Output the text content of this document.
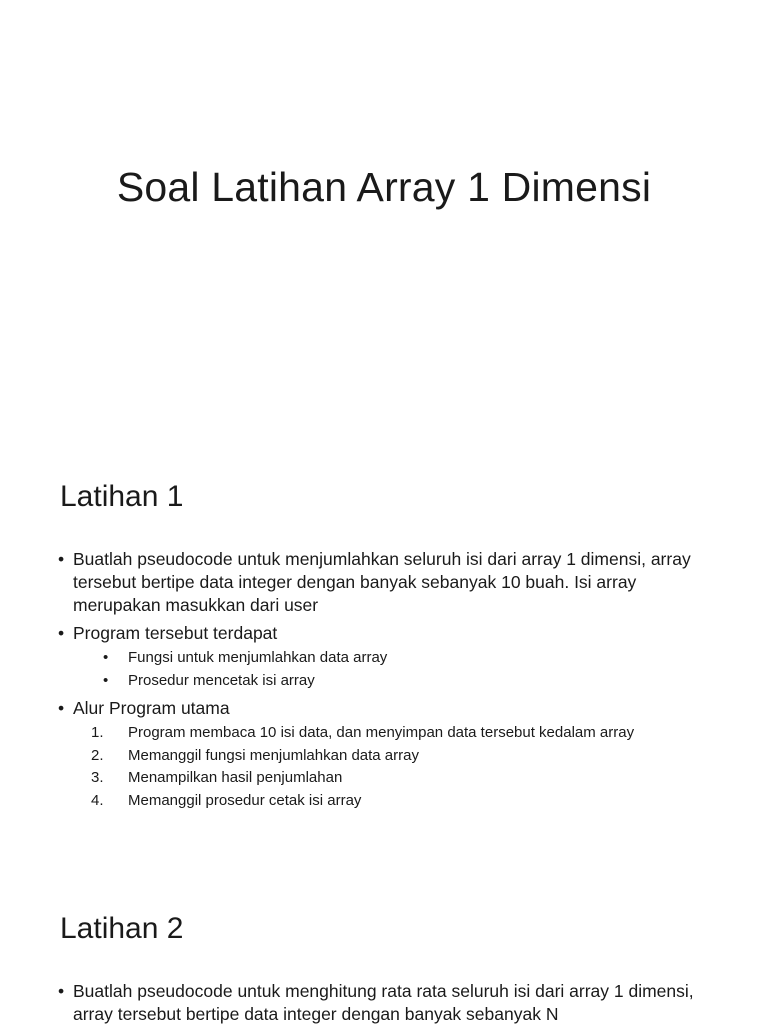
Soal Latihan Array 1 Dimensi
Latihan 1
• Buatlah pseudocode untuk menjumlahkan seluruh isi dari array 1 dimensi, array tersebut bertipe data integer dengan banyak sebanyak 10 buah. Isi array merupakan masukkan dari user
• Program tersebut terdapat
• Fungsi untuk menjumlahkan data array
• Prosedur mencetak isi array
• Alur Program utama
1. Program membaca 10 isi data, dan menyimpan data tersebut kedalam array
2. Memanggil fungsi menjumlahkan data array
3. Menampilkan hasil penjumlahan
4. Memanggil prosedur cetak isi array
Latihan 2
• Buatlah pseudocode untuk menghitung rata rata seluruh isi dari array 1 dimensi, array tersebut bertipe data integer dengan banyak sebanyak N
